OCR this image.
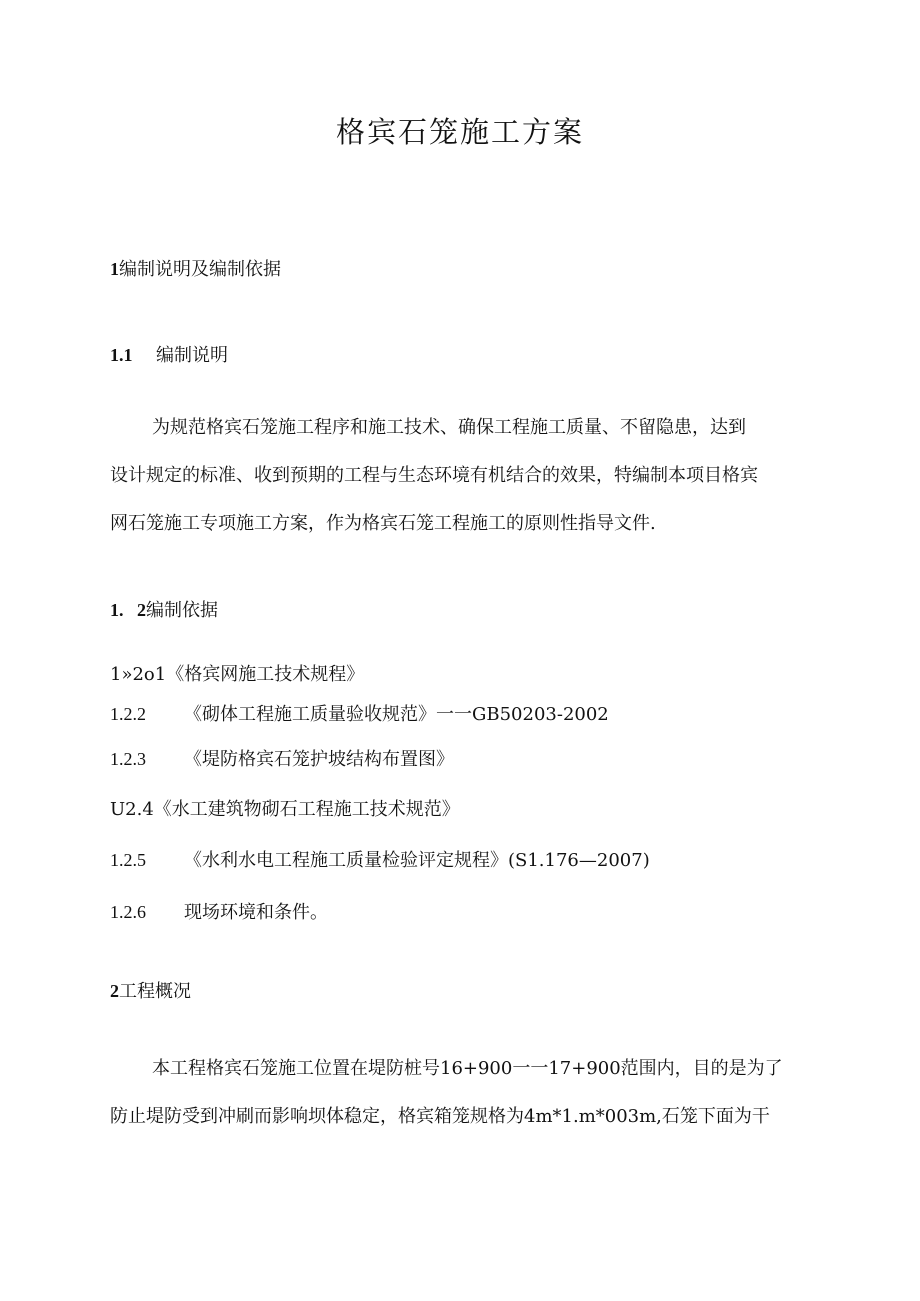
格宾石笼施工方案
1编制说明及编制依据
1.1 编制说明
为规范格宾石笼施工程序和施工技术、确保工程施工质量、不留隐患，达到
设计规定的标准、收到预期的工程与生态环境有机结合的效果，特编制本项目格宾
网石笼施工专项施工方案，作为格宾石笼工程施工的原则性指导文件.
1.   2编制依据
1»2o1《格宾网施工技术规程》
1.2.2 《砌体工程施工质量验收规范》一一GB50203-2002
1.2.3 《堤防格宾石笼护坡结构布置图》
U2.4《水工建筑物砌石工程施工技术规范》
1.2.5 《水利水电工程施工质量检验评定规程》(S1.176—2007)
1.2.6 现场环境和条件。
2工程概况
本工程格宾石笼施工位置在堤防桩号16+900一一17+900范围内，目的是为了
防止堤防受到冲刷而影响坝体稳定，格宾箱笼规格为4m*1.m*003m,石笼下面为干
